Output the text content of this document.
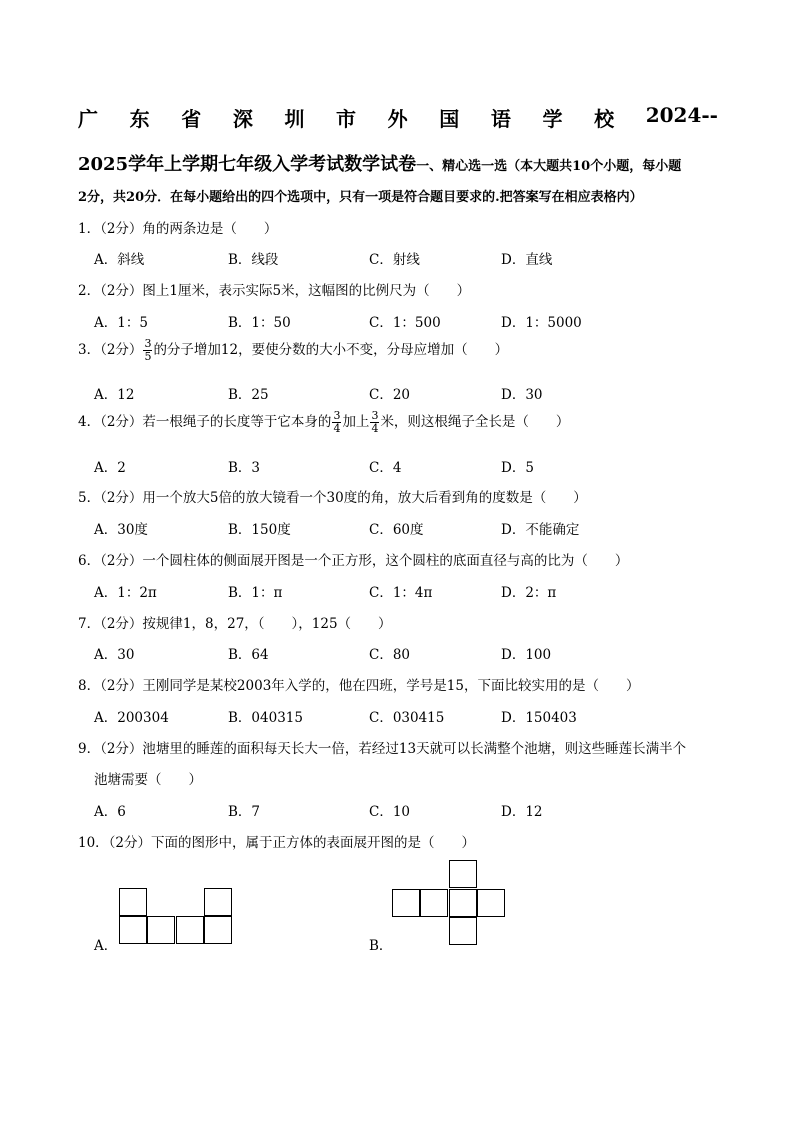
广 东 省 深 圳 市 外 国 语 学 校 2024--
2025学年上学期七年级入学考试数学试卷一、精心选一选（本大题共10个小题，每小题
2分，共20分．在每小题给出的四个选项中，只有一项是符合题目要求的.把答案写在相应表格内）
1．（2分）角的两条边是（　　）
A．斜线	B．线段	C．射线	D．直线
2．（2分）图上1厘米，表示实际5米，这幅图的比例尺为（　　）
A．1：5	B．1：50	C．1：500	D．1：5000
3．（2分） $\frac{3}{5}$ 的分子增加12，要使分数的大小不变，分母应增加（　　）
A．12	B．25	C．20	D．30
4．（2分）若一根绳子的长度等于它本身的 $\frac{3}{4}$ 加上 $\frac{3}{4}$ 米，则这根绳子全长是（　　）
A．2	B．3	C．4	D．5
5．（2分）用一个放大5倍的放大镜看一个30度的角，放大后看到角的度数是（　　）
A．30度	B．150度	C．60度	D．不能确定
6．（2分）一个圆柱体的侧面展开图是一个正方形，这个圆柱的底面直径与高的比为（　　）
A．1：2π	B．1：π	C．1：4π	D．2：π
7．（2分）按规律1，8，27，（　　），125（　　）
A．30	B．64	C．80	D．100
8．（2分）王刚同学是某校2003年入学的，他在四班，学号是15，下面比较实用的是（　　）
A．200304	B．040315	C．030415	D．150403
9．（2分）池塘里的睡莲的面积每天长大一倍，若经过13天就可以长满整个池塘，则这些睡莲长满半个
池塘需要（　　）
A．6	B．7	C．10	D．12
10．（2分）下面的图形中，属于正方体的表面展开图的是（　　）
A．	B．
